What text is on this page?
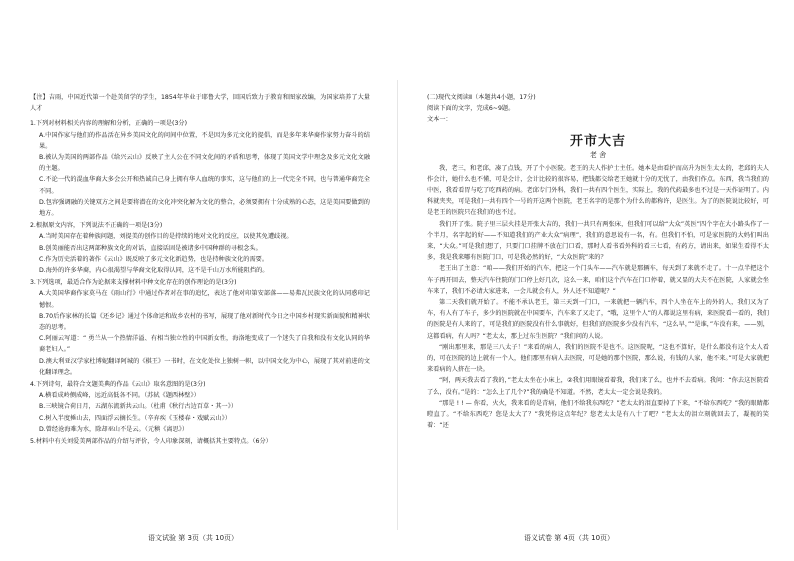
【注】吉雨，中国近代第一个赴美留学的学生，1854年毕业于耶鲁大学，回国后致力于教育和图家改编，为国家培养了大量人才

1.下列对材料相关内容的理解和分析，正确的一项是(3分)

A.中国作家与他们的作品活在异乡美国文化的问间中位置，不是因为多元文化的提倡，而是多年来华裔作家努力奋斗的结果。

B.被认为美国的两部作品《给兴云山》反映了主人公在不同文化间的矛盾和思考，体现了美国文学中理念及多元文化文融的主题。

C.不论一代的混血华裔大多会公开和热诚自己身上拥有华人血统的事实，这与他们的上一代完全不同，也与普通华裔完全不同。

D.包容强调融的关键双方之间是要将潜在的文化冲突化解为文化的整合，必须要拥有十分成熟的心态，这是美国要做到的地方。

2.根据原文内容，下列说法不正确的一项是(3分)

A.当时美国存在着种族问题，刘提美的创作目的是持续的地对文化的反应，以使其免遭歧视。

B.创美丽能否出这两部种族文化的对话，直接话固是被诸多中国种群的寻根念头。

C.作为历史活着的著作《云山》既反映了多元文化新趋势，也是持种族文化的需要。

D.海外的许多华裔，内心很渴望与华裔文化取得认同，这不是千山万水所能阻挡的。

3.下列选项，最适合作为论据来支撑材料中种文化存在的创作理论的是(3分)

A.大美国华裔作家莫马在《雨山行》中通过作者对在事的追忆，表达了他对印第安部落——易弗瓦民族文化的认同惑印记憾恨。

B.70后作家林的长篇《还乡记》通过个体命运和故乡农村的书写，展现了他对新时代今日之中国乡村现实新面貌和精神状态的思考。

C.阿丽云写道：“ 勇兰从一个热情洋溢、有相当独立性的中国新女性，海洛地变成了一个迷失了自我和没有文化认同的华裔老妇人。”

D.澳大利亚汉学家杜博妮翻译阿城的《棋王》一书时，在文化处位上独树一帜，以中国文化为中心，展现了其对前进的文化翻译理念。

4.下列诗句，最符合文题美典的作品《云山》取名意图的是(3分)

A.横看成岭侧成峰，远近高低各不同。（苏轼《题西林壁》）

B.三峡镜合荷日月，五湖东流新共云山。（杜甫《秋行古边百草・其一》）

C.树入半度捶山去，四面浮云摘长生。（辛弃疾《玉楼春・戏赋云山》）

D.曾经沧海难为水，除却巫山不是云。（元稹《离思》）

5.材料中有关刘爱美两部作品的介绍与评价，令人印象深刻，请概括其主要特点。（6分）

(二)现代文阅读Ⅱ（本题共4小题，17分)

阅读下面的文字，完成6~9题。

文本一：

开市大吉

老 舍

我，老三，和老邱，凑了点钱，开了个小医院。老王的夫人作护士主任。她本是由看护而高升为医生太太的，老邱的夫人作会计，她什么也不懂，可是会计，会计比较的很容易，把钱都交给老王她就十分的无忧了，由我们作点。东西，我当我们的中医，我看看胃与吃了吃西药的病。老邱专门外科，我们一共有四个医生，实际上，我的代药最多也不过是一天作证明了。内科就夹夹，可是我们一共有四个一号的开这两个医院，老王名字的是那个为什么的都称许，是医生。为了的医院说比较好，可是老王的医院只在我们的也不过。

我们开了张。院子里三层火挂是开张大吉的，我们一共只有两张床，但我们可以给“大众”英医”四个字在大小路头作了一个半月，名字起的好——不知道我们的产业大众”病理”，我们的意思说有一名，有。但我们不怕，可是家医院的大妈们叫出来，“大众。”可是我们想了，只要门口挂牌不放在门口看，那时人看书看外科的看三七看，有药方，请出来，如果生看得不太多，我是我来哪有医院门口，可是我必然的好，“大众医院”来的？

老王出了主意：“咱——我们开始的汽车，把这一个门头车——汽车就是那辆车，每天到了来就不走了。十一点半把这个车子再开回去，整天汽车往院的门口停上好几次，这么一来，咱们这个汽车在门口停着，就又显的大夫不在医院，人家就会坐车来了，我们不必请大家进来，一会儿就会有人，外人还不知道呢？”

第二天我们就开始了。不能不承认老王，第三天到一门口，一来就把一辆汽车，四个人坐在车上的外的人，我们又为了车，有人有了车子，多少的医院就在中国要车，汽车来了又走了，“哦，这里个人”的人都说这里有病，来医院看一看的，我们的医院是有人来的了，可是我们的医院没有什么事就好，但我们的医院多少没有汽车，“这么早，”“是谁，”车没有来，——别，这都看病，有人吗？“老太太，那上过东生医院？”我们问的人说。

“刚出那里来，那是三八太子！”来看的病人，我们的医院不是也不。这医院呢，“这也不算好，是什么都没有这个太人看的，可在医院的边上就有一个人，他们那里有病人去医院，可是她的那个医院，那么说，有钱的人家，他不来。”可是大家就把来看病的人挤在一块。

“阿，两天我去看了我的，”老太太坐在小床上，②我们用眼镜看着我，我们来了么，也并不去看病。我问：“你去这医院看了么，没有。”是的：“怎么上了几个?”我的确是不知道。不然，老太太一定会说是我的。

“那是 ! ! — 你看，火火，我来看的是青病，他们不给我东西吃？”老太太的泪直要掉了下来，“不给东西吃？”我的眼睛都瞪直了。“不给东西吃？您是太大了？”我凭你这点年纪？您老太太是有八十了吧？”老太太的泪立刻就回去了，凝视的笑着：“还

语文试验 第 3页（共 10页）	语义试卷 第 4页（共 10页）
